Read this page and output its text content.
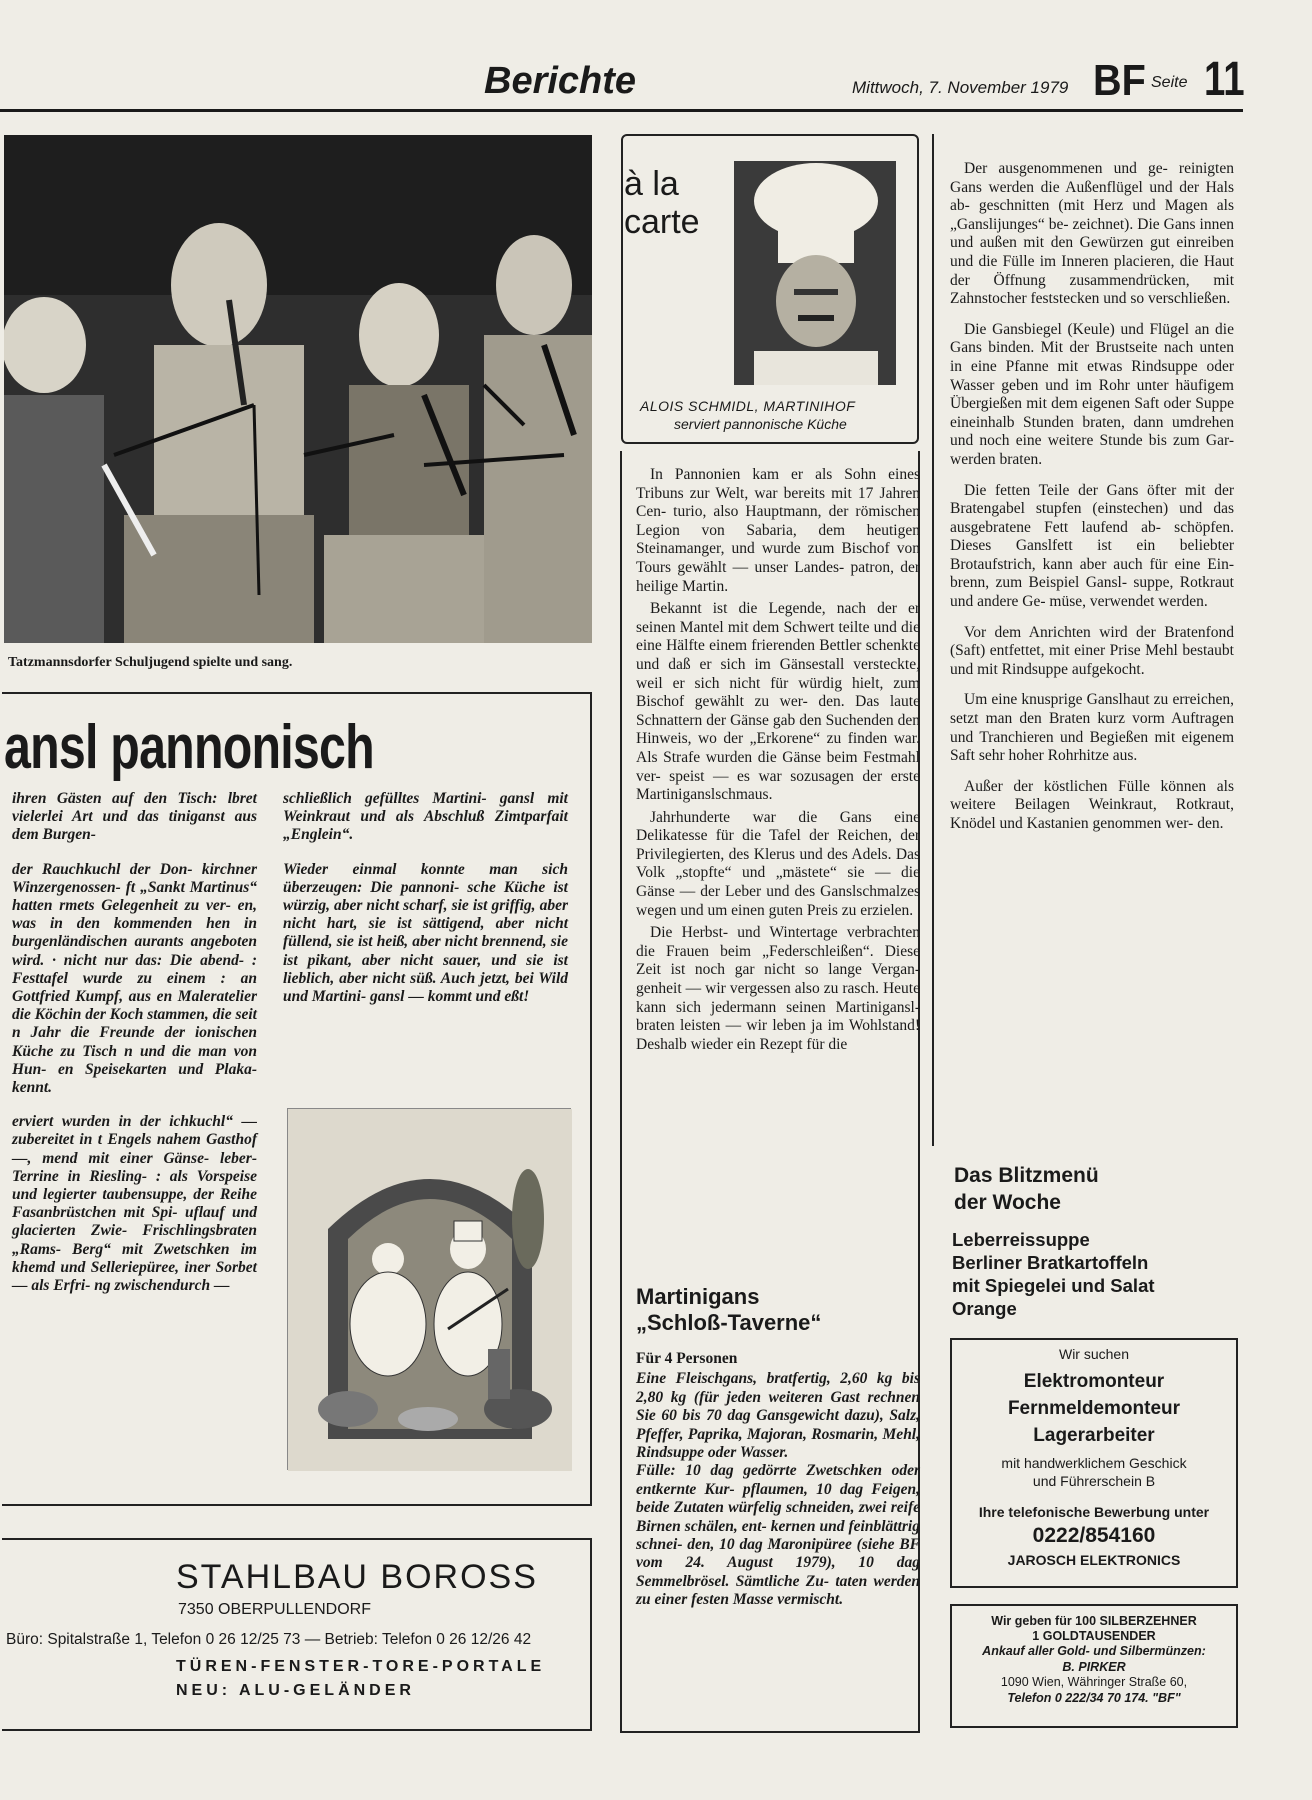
Berichte	Mittwoch, 7. November 1979 BF Seite 11
Tatzmannsdorfer Schuljugend spielte und sang.
ansl pannonisch

ihren Gästen auf den Tisch: lbret vielerlei Art und das tiniganst aus dem Burgen-

der Rauchkuchl der Don- kirchner Winzergenossen- ft „Sankt Martinus“ hatten rmets Gelegenheit zu ver- en, was in den kommenden hen in burgenländischen aurants angeboten wird. · nicht nur das: Die abend- : Festtafel wurde zu einem : an Gottfried Kumpf, aus en Maleratelier die Köchin der Koch stammen, die seit n Jahr die Freunde der ionischen Küche zu Tisch n und die man von Hun- en Speisekarten und Plaka- kennt.

erviert wurden in der ichkuchl“ — zubereitet in t Engels nahem Gasthof —, mend mit einer Gänse- leber-Terrine in Riesling- : als Vorspeise und legierter taubensuppe, der Reihe Fasanbrüstchen mit Spi- uflauf und glacierten Zwie- Frischlingsbraten „Rams- Berg“ mit Zwetschken im khemd und Selleriepüree, iner Sorbet — als Erfri- ng zwischendurch —

schließlich gefülltes Martini- gansl mit Weinkraut und als Abschluß Zimtparfait „Englein“.

Wieder einmal konnte man sich überzeugen: Die pannoni- sche Küche ist würzig, aber nicht scharf, sie ist griffig, aber nicht hart, sie ist sättigend, aber nicht füllend, sie ist heiß, aber nicht brennend, sie ist pikant, aber nicht sauer, und sie ist lieblich, aber nicht süß. Auch jetzt, bei Wild und Martini- gansl — kommt und eßt!

STAHLBAU BOROSS
7350 OBERPULLENDORF
Büro: Spitalstraße 1, Telefon 0 26 12/25 73 — Betrieb: Telefon 0 26 12/26 42
TÜREN-FENSTER-TORE-PORTALE
NEU: ALU-GELÄNDER
à la
carte
ALOIS SCHMIDL, MARTINIHOF
serviert pannonische Küche

In Pannonien kam er als Sohn eines Tribuns zur Welt, war bereits mit 17 Jahren Cen- turio, also Hauptmann, der römischen Legion von Sabaria, dem heutigen Steinamanger, und wurde zum Bischof von Tours gewählt — unser Landes- patron, der heilige Martin.

Bekannt ist die Legende, nach der er seinen Mantel mit dem Schwert teilte und die eine Hälfte einem frierenden Bettler schenkte und daß er sich im Gänsestall versteckte, weil er sich nicht für würdig hielt, zum Bischof gewählt zu wer- den. Das laute Schnattern der Gänse gab den Suchenden den Hinweis, wo der „Erkorene“ zu finden war. Als Strafe wurden die Gänse beim Festmahl ver- speist — es war sozusagen der erste Martiniganslschmaus.

Jahrhunderte war die Gans eine Delikatesse für die Tafel der Reichen, der Privilegierten, des Klerus und des Adels. Das Volk „stopfte“ und „mästete“ sie — die Gänse — der Leber und des Ganslschmalzes wegen und um einen guten Preis zu erzielen.

Die Herbst- und Wintertage verbrachten die Frauen beim „Federschleißen“. Diese Zeit ist noch gar nicht so lange Vergan- genheit — wir vergessen also zu rasch. Heute kann sich jedermann seinen Martinigansl- braten leisten — wir leben ja im Wohlstand! Deshalb wieder ein Rezept für die

Martinigans
„Schloß-Taverne“

Für 4 Personen

Eine Fleischgans, bratfertig, 2,60 kg bis 2,80 kg (für jeden weiteren Gast rechnen Sie 60 bis 70 dag Gansgewicht dazu), Salz, Pfeffer, Paprika, Majoran, Rosmarin, Mehl, Rindsuppe oder Wasser.

Fülle: 10 dag gedörrte Zwetschken oder entkernte Kur- pflaumen, 10 dag Feigen, beide Zutaten würfelig schneiden, zwei reife Birnen schälen, ent- kernen und feinblättrig schnei- den, 10 dag Maronipüree (siehe BF vom 24. August 1979), 10 dag Semmelbrösel. Sämtliche Zu- taten werden zu einer festen Masse vermischt.

Der ausgenommenen und ge- reinigten Gans werden die Außenflügel und der Hals ab- geschnitten (mit Herz und Magen als „Ganslijunges“ be- zeichnet). Die Gans innen und außen mit den Gewürzen gut einreiben und die Fülle im Inneren placieren, die Haut der Öffnung zusammendrücken, mit Zahnstocher feststecken und so verschließen.

Die Gansbiegel (Keule) und Flügel an die Gans binden. Mit der Brustseite nach unten in eine Pfanne mit etwas Rindsuppe oder Wasser geben und im Rohr unter häufigem Übergießen mit dem eigenen Saft oder Suppe eineinhalb Stunden braten, dann umdrehen und noch eine weitere Stunde bis zum Gar- werden braten.

Die fetten Teile der Gans öfter mit der Bratengabel stupfen (einstechen) und das ausgebratene Fett laufend ab- schöpfen. Dieses Ganslfett ist ein beliebter Brotaufstrich, kann aber auch für eine Ein- brenn, zum Beispiel Gansl- suppe, Rotkraut und andere Ge- müse, verwendet werden.

Vor dem Anrichten wird der Bratenfond (Saft) entfettet, mit einer Prise Mehl bestaubt und mit Rindsuppe aufgekocht.

Um eine knusprige Ganslhaut zu erreichen, setzt man den Braten kurz vorm Auftragen und Tranchieren und Begießen mit eigenem Saft sehr hoher Rohrhitze aus.

Außer der köstlichen Fülle können als weitere Beilagen Weinkraut, Rotkraut, Knödel und Kastanien genommen wer- den.

Das Blitzmenü
der Woche
Leberreissuppe
Berliner Bratkartoffeln
mit Spiegelei und Salat
Orange
Wir suchen
Elektromonteur
Fernmeldemonteur
Lagerarbeiter
mit handwerklichem Geschick
und Führerschein B
Ihre telefonische Bewerbung unter
0222/854160
JAROSCH ELEKTRONICS
Wir geben für 100 SILBERZEHNER
1 GOLDTAUSENDER
Ankauf aller Gold- und Silbermünzen:
B. PIRKER
1090 Wien, Währinger Straße 60,
Telefon 0 222/34 70 174. "BF"
